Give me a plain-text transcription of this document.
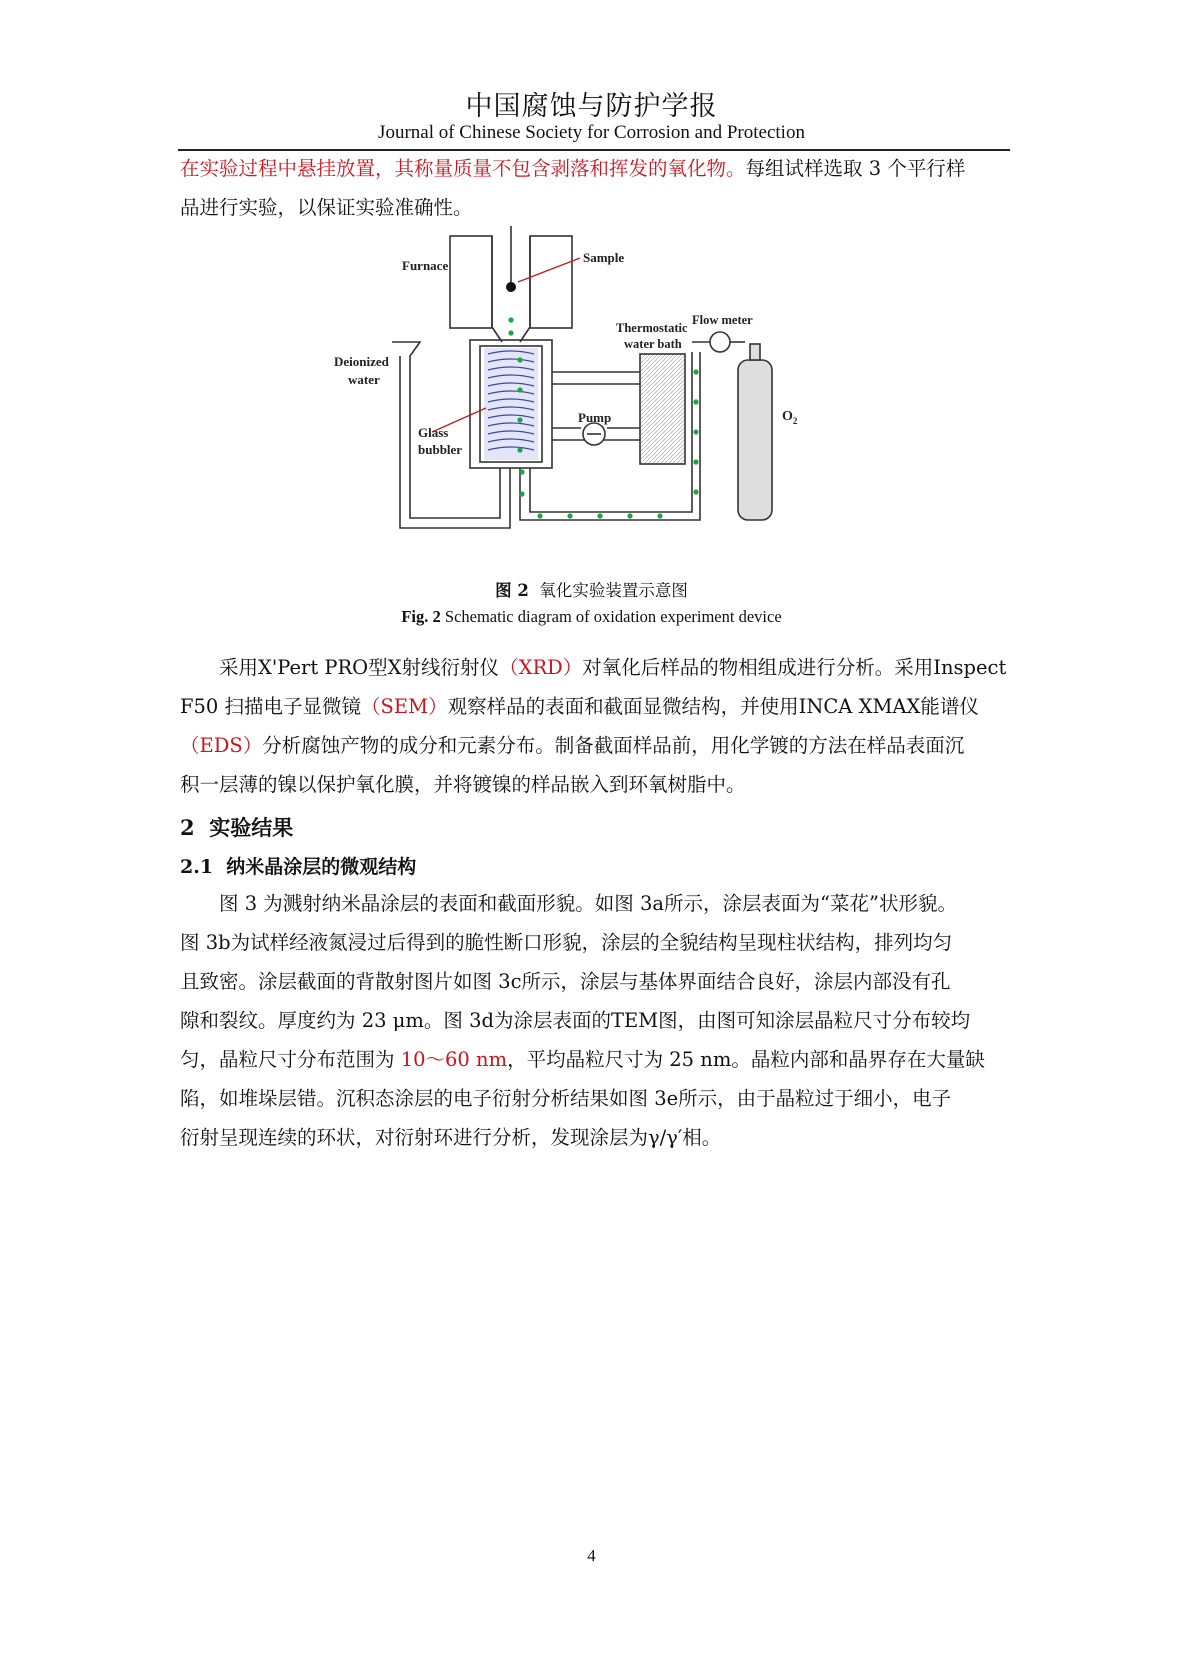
中国腐蚀与防护学报
Journal of Chinese Society for Corrosion and Protection
在实验过程中悬挂放置，其称量质量不包含剥落和挥发的氧化物。每组试样选取 3 个平行样
品进行实验，以保证实验准确性。
Furnace
Sample
Deionized
water
Thermostatic
water bath
Flow meter
Pump
Glass
bubbler
$O_2$
图 2 氧化实验装置示意图
Fig. 2 Schematic diagram of oxidation experiment device
采用X'Pert PRO型X射线衍射仪（XRD）对氧化后样品的物相组成进行分析。采用Inspect
F50 扫描电子显微镜（SEM）观察样品的表面和截面显微结构，并使用INCA XMAX能谱仪
（EDS）分析腐蚀产物的成分和元素分布。制备截面样品前，用化学镀的方法在样品表面沉
积一层薄的镍以保护氧化膜，并将镀镍的样品嵌入到环氧树脂中。
2 实验结果
2.1 纳米晶涂层的微观结构
图 3 为溅射纳米晶涂层的表面和截面形貌。如图 3a所示，涂层表面为“菜花”状形貌。
图 3b为试样经液氮浸过后得到的脆性断口形貌，涂层的全貌结构呈现柱状结构，排列均匀
且致密。涂层截面的背散射图片如图 3c所示，涂层与基体界面结合良好，涂层内部没有孔
隙和裂纹。厚度约为 23 μm。图 3d为涂层表面的TEM图，由图可知涂层晶粒尺寸分布较均
匀，晶粒尺寸分布范围为 10～60 nm，平均晶粒尺寸为 25 nm。晶粒内部和晶界存在大量缺
陷，如堆垛层错。沉积态涂层的电子衍射分析结果如图 3e所示，由于晶粒过于细小，电子
衍射呈现连续的环状，对衍射环进行分析，发现涂层为γ/γ′相。
4
